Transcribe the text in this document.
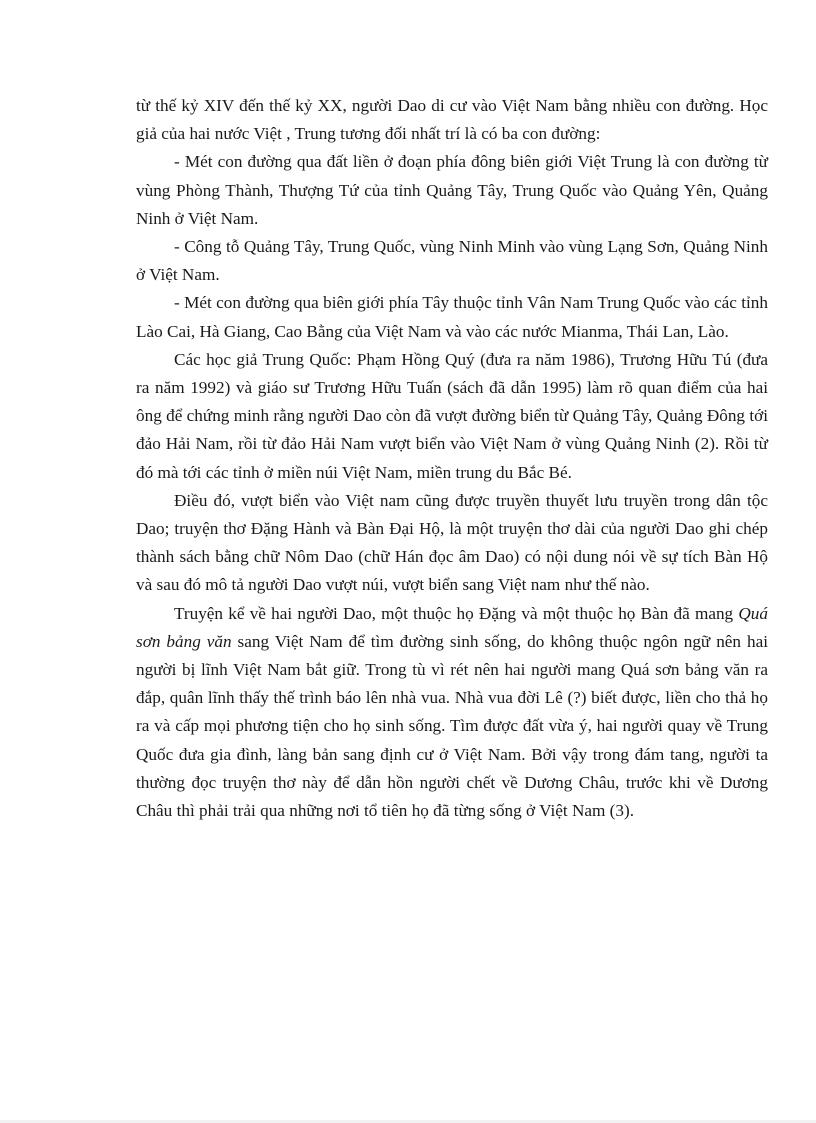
từ thế kỷ XIV đến thế kỷ XX, người Dao di cư vào Việt Nam bằng nhiều con đường. Học giả của hai nước Việt , Trung tương đối nhất trí là có ba con đường:

- Mét con đường qua đất liền ở đoạn phía đông biên giới Việt Trung là con đường từ vùng Phòng Thành, Thượng Tứ của tỉnh Quảng Tây, Trung Quốc vào Quảng Yên, Quảng Ninh ở Việt Nam.

- Công tỗ Quảng Tây, Trung Quốc, vùng Ninh Minh vào vùng Lạng Sơn, Quảng Ninh ở Việt Nam.

- Mét con đường qua biên giới phía Tây thuộc tỉnh Vân Nam Trung Quốc vào các tỉnh Lào Cai, Hà Giang, Cao Bằng của Việt Nam và vào các nước Mianma, Thái Lan, Lào.

Các học giả Trung Quốc: Phạm Hồng Quý (đưa ra năm 1986), Trương Hữu Tú (đưa ra năm 1992) và giáo sư Trương Hữu Tuấn (sách đã dẫn 1995) làm rõ quan điểm của hai ông để chứng minh rằng người Dao còn đã vượt đường biển từ Quảng Tây, Quảng Đông tới đảo Hải Nam, rồi từ đảo Hải Nam vượt biển vào Việt Nam ở vùng Quảng Ninh (2). Rồi từ đó mà tới các tỉnh ở miền núi Việt Nam, miền trung du Bắc Bé.

Điều đó, vượt biển vào Việt nam cũng được truyền thuyết lưu truyền trong dân tộc Dao; truyện thơ Đặng Hành và Bàn Đại Hộ, là một truyện thơ dài của người Dao ghi chép thành sách bằng chữ Nôm Dao (chữ Hán đọc âm Dao) có nội dung nói về sự tích Bàn Hộ và sau đó mô tả người Dao vượt núi, vượt biển sang Việt nam như thế nào.

Truyện kể về hai người Dao, một thuộc họ Đặng và một thuộc họ Bàn đã mang Quá sơn bảng văn sang Việt Nam để tìm đường sinh sống, do không thuộc ngôn ngữ nên hai người bị lĩnh Việt Nam bắt giữ. Trong tù vì rét nên hai người mang Quá sơn bảng văn ra đắp, quân lĩnh thấy thế trình báo lên nhà vua. Nhà vua đời Lê (?) biết được, liền cho thả họ ra và cấp mọi phương tiện cho họ sinh sống. Tìm được đất vừa ý, hai người quay về Trung Quốc đưa gia đình, làng bản sang định cư ở Việt Nam. Bởi vậy trong đám tang, người ta thường đọc truyện thơ này để dẫn hồn người chết về Dương Châu, trước khi về Dương Châu thì phải trải qua những nơi tổ tiên họ đã từng sống ở Việt Nam (3).
